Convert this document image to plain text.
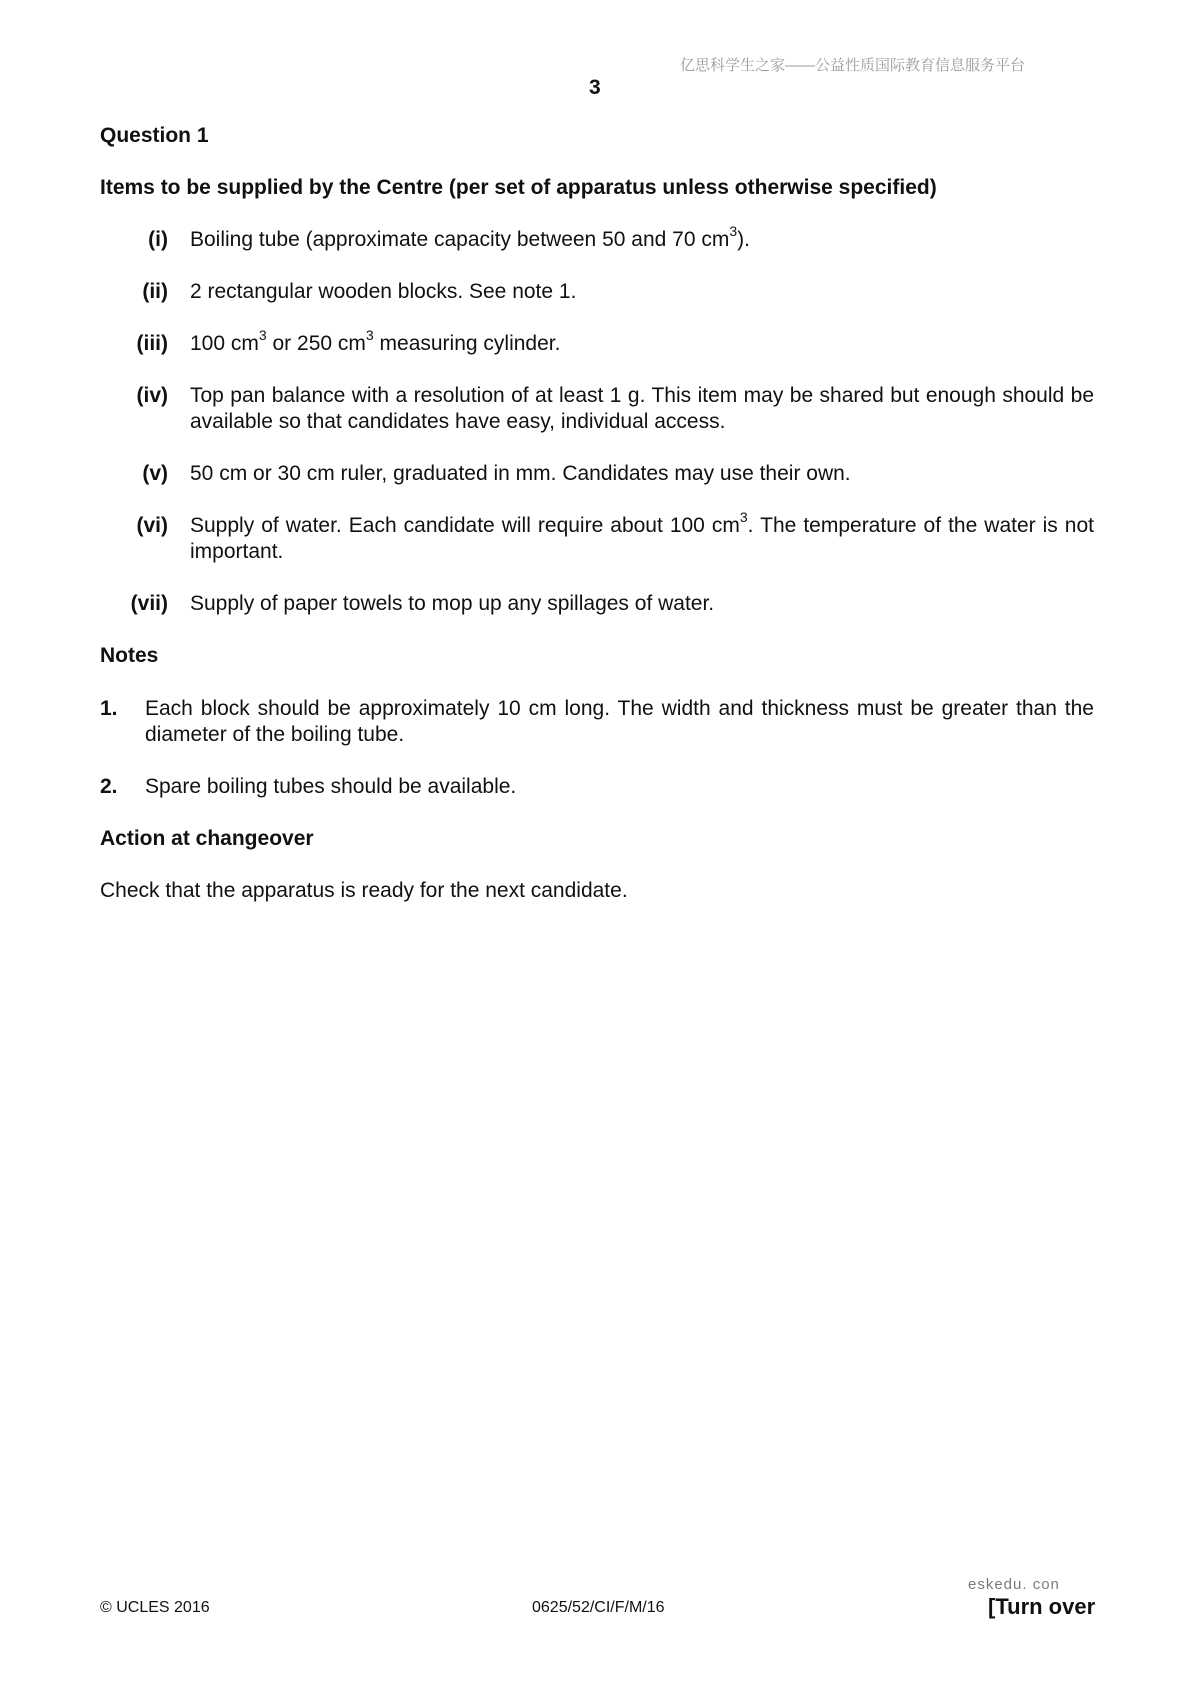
亿思科学生之家——公益性质国际教育信息服务平台
3
Question 1
Items to be supplied by the Centre (per set of apparatus unless otherwise specified)
(i) Boiling tube (approximate capacity between 50 and 70 $cm^3$).
(ii) 2 rectangular wooden blocks. See note 1.
(iii) 100 $cm^3$ or 250 $cm^3$ measuring cylinder.
(iv) Top pan balance with a resolution of at least 1 g. This item may be shared but enough should be available so that candidates have easy, individual access.
(v) 50 cm or 30 cm ruler, graduated in mm. Candidates may use their own.
(vi) Supply of water. Each candidate will require about 100 $cm^3$. The temperature of the water is not important.
(vii) Supply of paper towels to mop up any spillages of water.
Notes
1. Each block should be approximately 10 cm long. The width and thickness must be greater than the diameter of the boiling tube.
2. Spare boiling tubes should be available.
Action at changeover
Check that the apparatus is ready for the next candidate.
© UCLES 2016	0625/52/CI/F/M/16
eskedu. con
[Turn over
